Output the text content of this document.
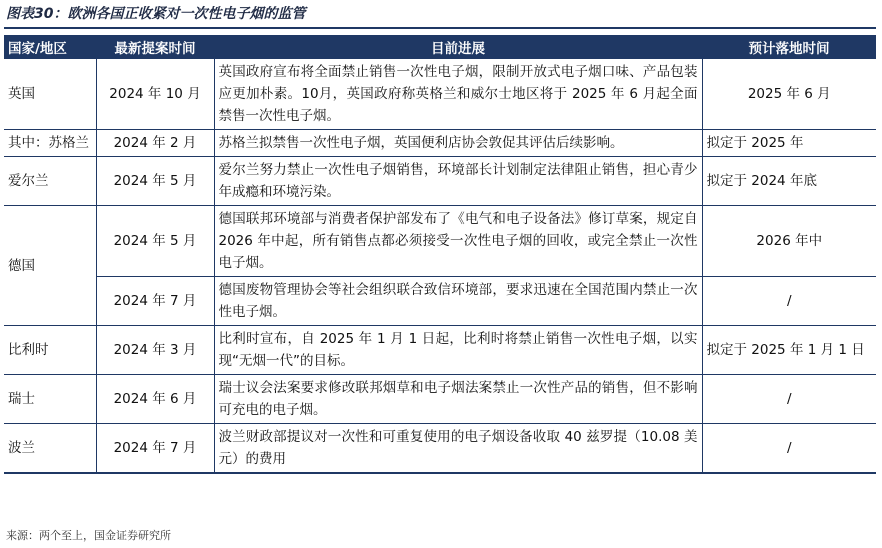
图表30：欧洲各国正收紧对一次性电子烟的监管
国家/地区	最新提案时间	目前进展	预计落地时间
英国	2024 年 10 月	英国政府宣布将全面禁止销售一次性电子烟，限制开放式电子烟口味、产品包装应更加朴素。10月，英国政府称英格兰和威尔士地区将于 2025 年 6 月起全面禁售一次性电子烟。	2025 年 6 月
其中：苏格兰	2024 年 2 月	苏格兰拟禁售一次性电子烟，英国便利店协会敦促其评估后续影响。	拟定于 2025 年
爱尔兰	2024 年 5 月	爱尔兰努力禁止一次性电子烟销售，环境部长计划制定法律阻止销售，担心青少年成瘾和环境污染。	拟定于 2024 年底
德国	2024 年 5 月	德国联邦环境部与消费者保护部发布了《电气和电子设备法》修订草案，规定自 2026 年中起，所有销售点都必须接受一次性电子烟的回收，或完全禁止一次性电子烟。	2026 年中
	2024 年 7 月	德国废物管理协会等社会组织联合致信环境部，要求迅速在全国范围内禁止一次性电子烟。	/
比利时	2024 年 3 月	比利时宣布，自 2025 年 1 月 1 日起，比利时将禁止销售一次性电子烟，以实现“无烟一代”的目标。	拟定于 2025 年 1 月 1 日
瑞士	2024 年 6 月	瑞士议会法案要求修改联邦烟草和电子烟法案禁止一次性产品的销售，但不影响可充电的电子烟。	/
波兰	2024 年 7 月	波兰财政部提议对一次性和可重复使用的电子烟设备收取 40 兹罗提（10.08 美元）的费用	/
来源：两个至上，国金证券研究所
